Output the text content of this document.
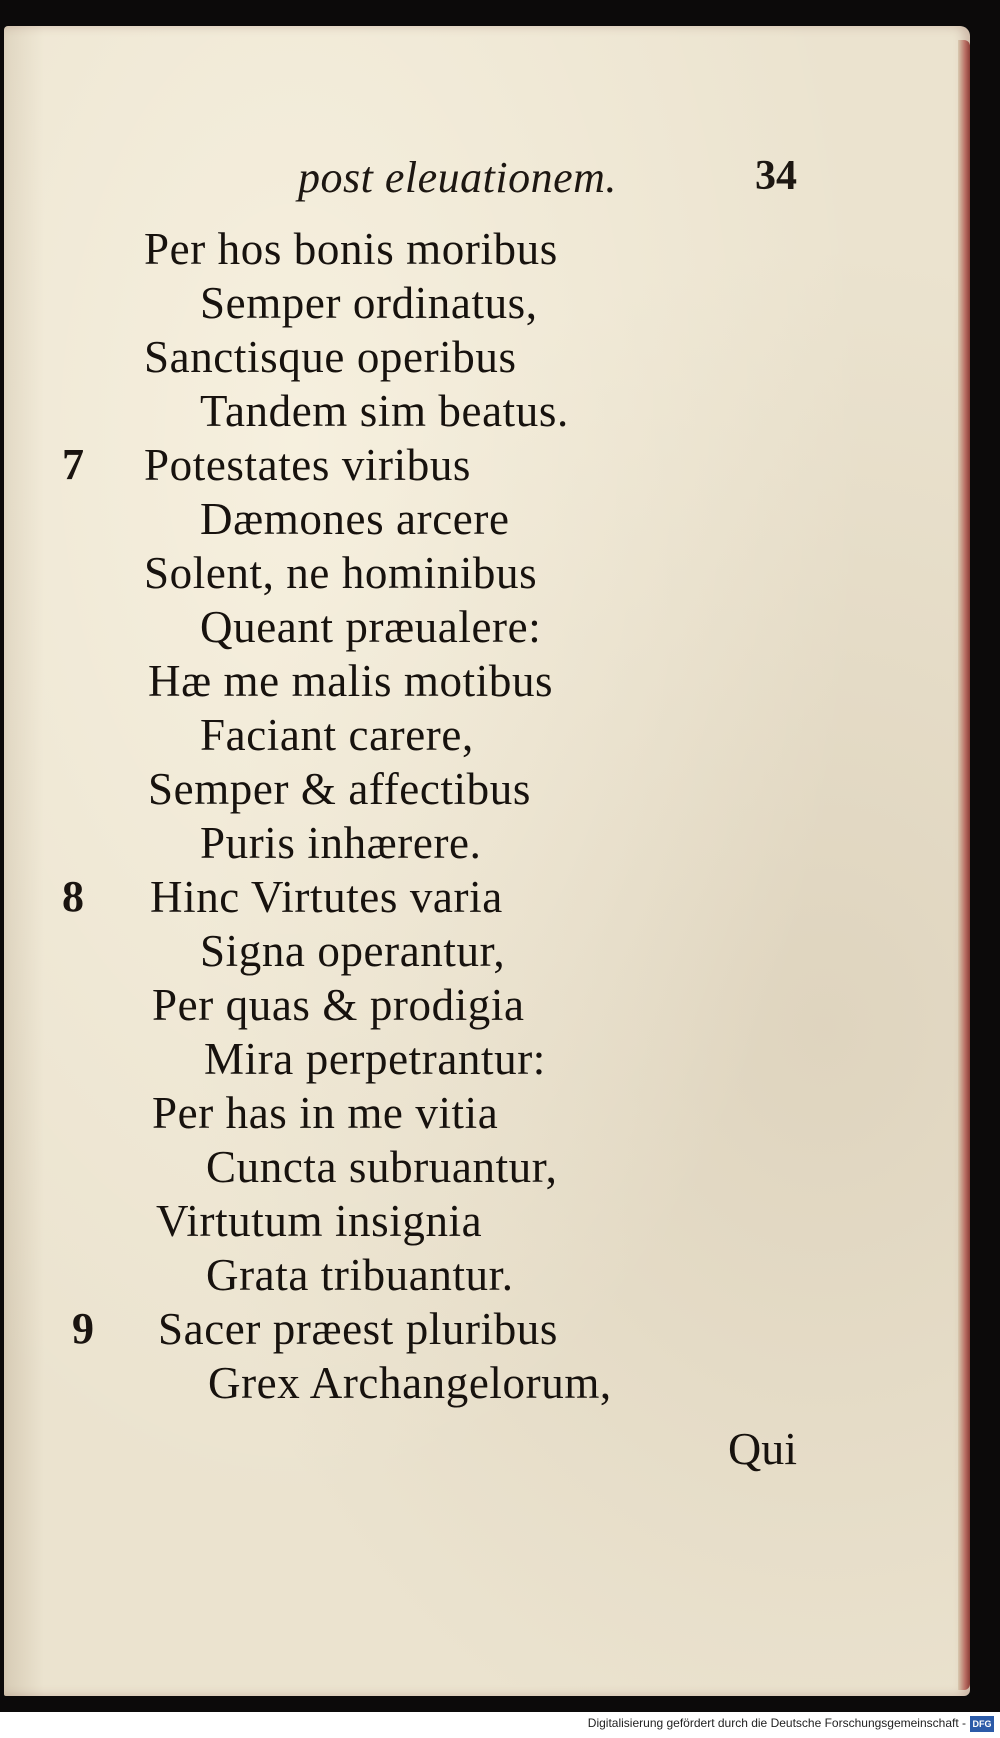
post eleuationem.	34
Per hos bonis moribus
Semper ordinatus,
Sanctisque operibus
Tandem sim beatus.
7 Potestates viribus
Dæmones arcere
Solent, ne hominibus
Queant præualere:
Hæ me malis motibus
Faciant carere,
Semper & affectibus
Puris inhærere.
8 Hinc Virtutes varia
Signa operantur,
Per quas & prodigia
Mira perpetrantur:
Per has in me vitia
Cuncta subruantur,
Virtutum insignia
Grata tribuantur.
9 Sacer præest pluribus
Grex Archangelorum,
Qui
Digitalisierung gefördert durch die Deutsche Forschungsgemeinschaft - DFG
